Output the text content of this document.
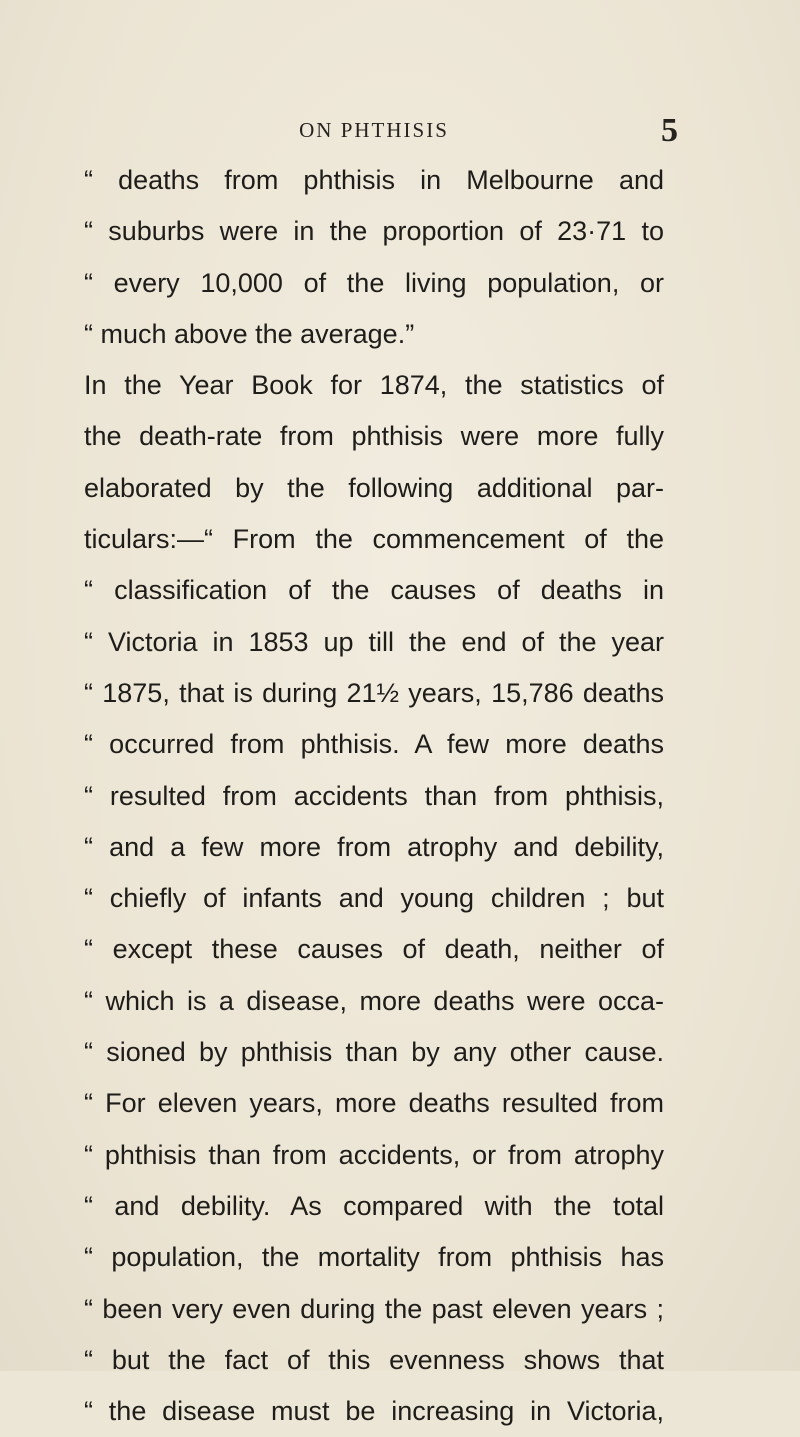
ON PHTHISIS	5
“ deaths from phthisis in Melbourne and
“ suburbs were in the proportion of 23·71 to
“ every 10,000 of the living population, or
“ much above the average.”
In the Year Book for 1874, the statistics of
the death-rate from phthisis were more fully
elaborated by the following additional par-
ticulars:—“ From the commencement of the
“ classification of the causes of deaths in
“ Victoria in 1853 up till the end of the year
“ 1875, that is during 21½ years, 15,786 deaths
“ occurred from phthisis. A few more deaths
“ resulted from accidents than from phthisis,
“ and a few more from atrophy and debility,
“ chiefly of infants and young children ; but
“ except these causes of death, neither of
“ which is a disease, more deaths were occa-
“ sioned by phthisis than by any other cause.
“ For eleven years, more deaths resulted from
“ phthisis than from accidents, or from atrophy
“ and debility. As compared with the total
“ population, the mortality from phthisis has
“ been very even during the past eleven years ;
“ but the fact of this evenness shows that
“ the disease must be increasing in Victoria,
